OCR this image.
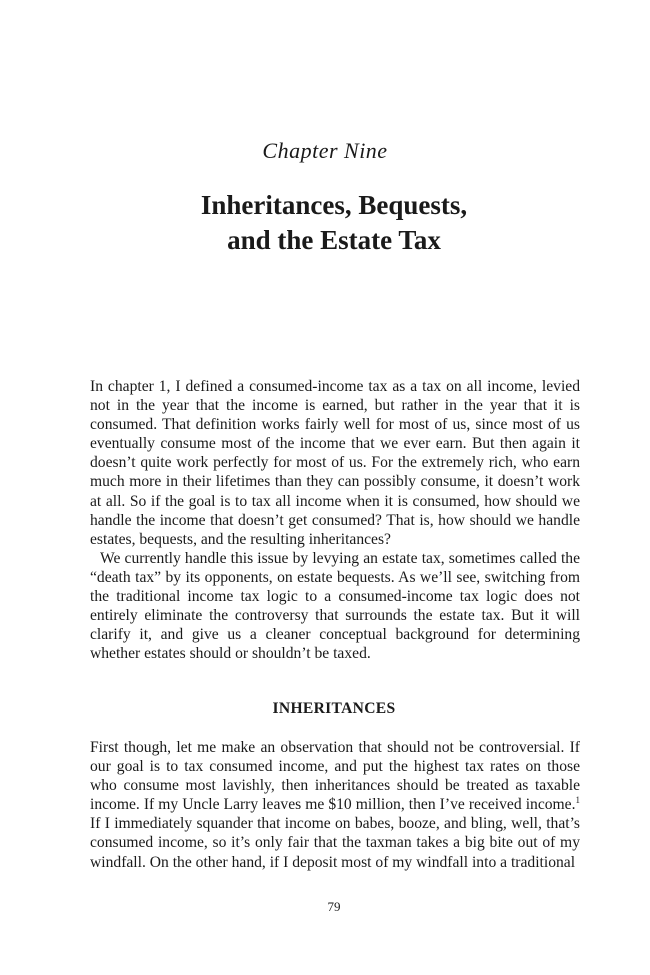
Chapter Nine
Inheritances, Bequests,
and the Estate Tax

In chapter 1, I defined a consumed-income tax as a tax on all income, levied not in the year that the income is earned, but rather in the year that it is consumed. That definition works fairly well for most of us, since most of us eventually consume most of the income that we ever earn. But then again it doesn’t quite work perfectly for most of us. For the extremely rich, who earn much more in their lifetimes than they can possibly consume, it doesn’t work at all. So if the goal is to tax all income when it is consumed, how should we handle the income that doesn’t get consumed? That is, how should we handle estates, bequests, and the resulting inheritances?

We currently handle this issue by levying an estate tax, sometimes called the “death tax” by its opponents, on estate bequests. As we’ll see, switching from the traditional income tax logic to a consumed-income tax logic does not entirely eliminate the controversy that surrounds the estate tax. But it will clarify it, and give us a cleaner conceptual background for determining whether estates should or shouldn’t be taxed.

INHERITANCES

First though, let me make an observation that should not be controversial. If our goal is to tax consumed income, and put the highest tax rates on those who consume most lavishly, then inheritances should be treated as taxable income. If my Uncle Larry leaves me $10 million, then I’ve received income.$^1$ If I immediately squander that income on babes, booze, and bling, well, that’s consumed income, so it’s only fair that the taxman takes a big bite out of my windfall. On the other hand, if I deposit most of my windfall into a traditional

79
